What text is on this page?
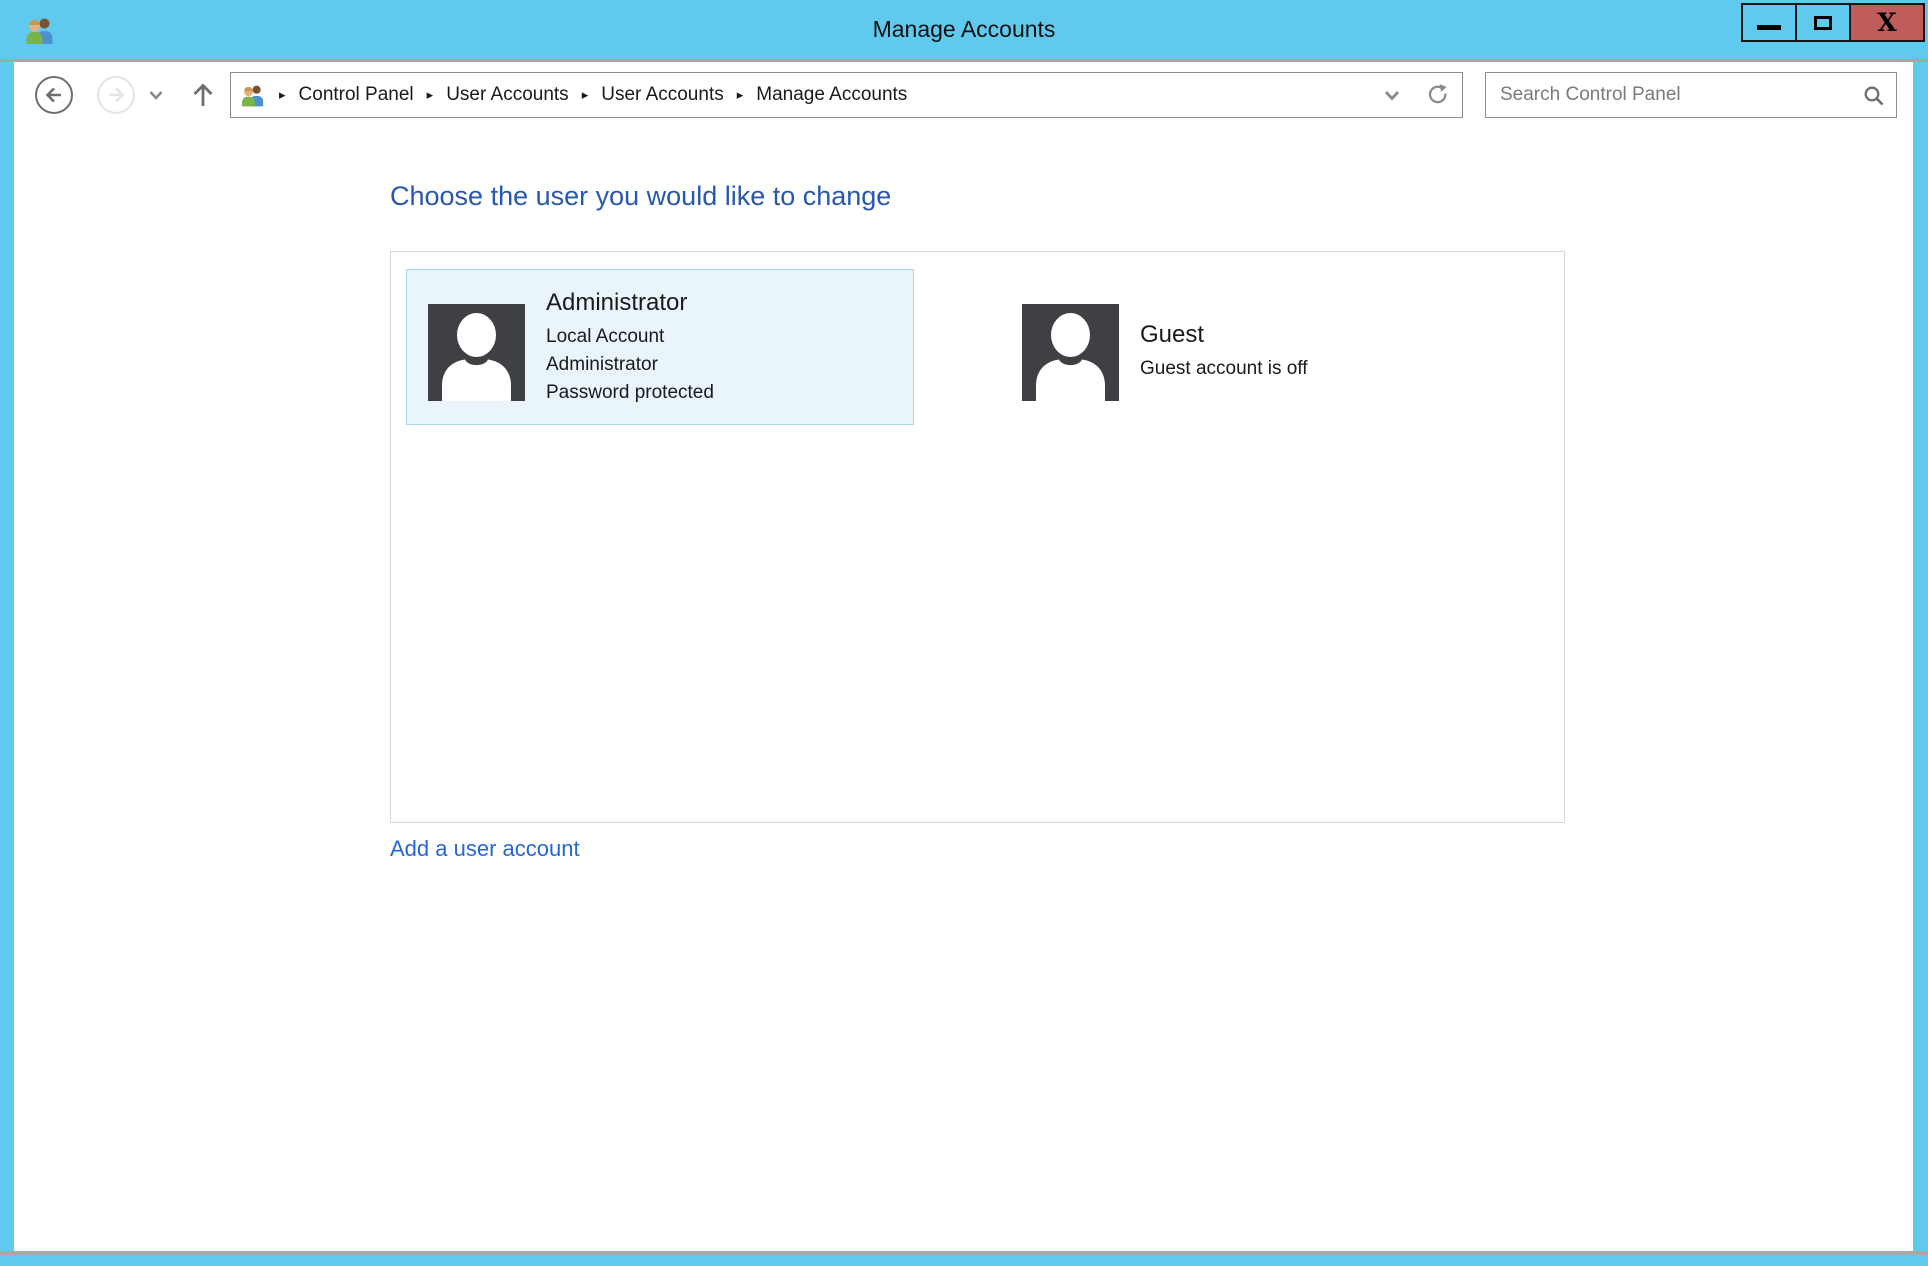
Manage Accounts	X
▸ Control Panel ▸ User Accounts ▸ User Accounts ▸ Manage Accounts
Search Control Panel
Choose the user you would like to change
Administrator
Local Account
Administrator
Password protected
Guest
Guest account is off
Add a user account
